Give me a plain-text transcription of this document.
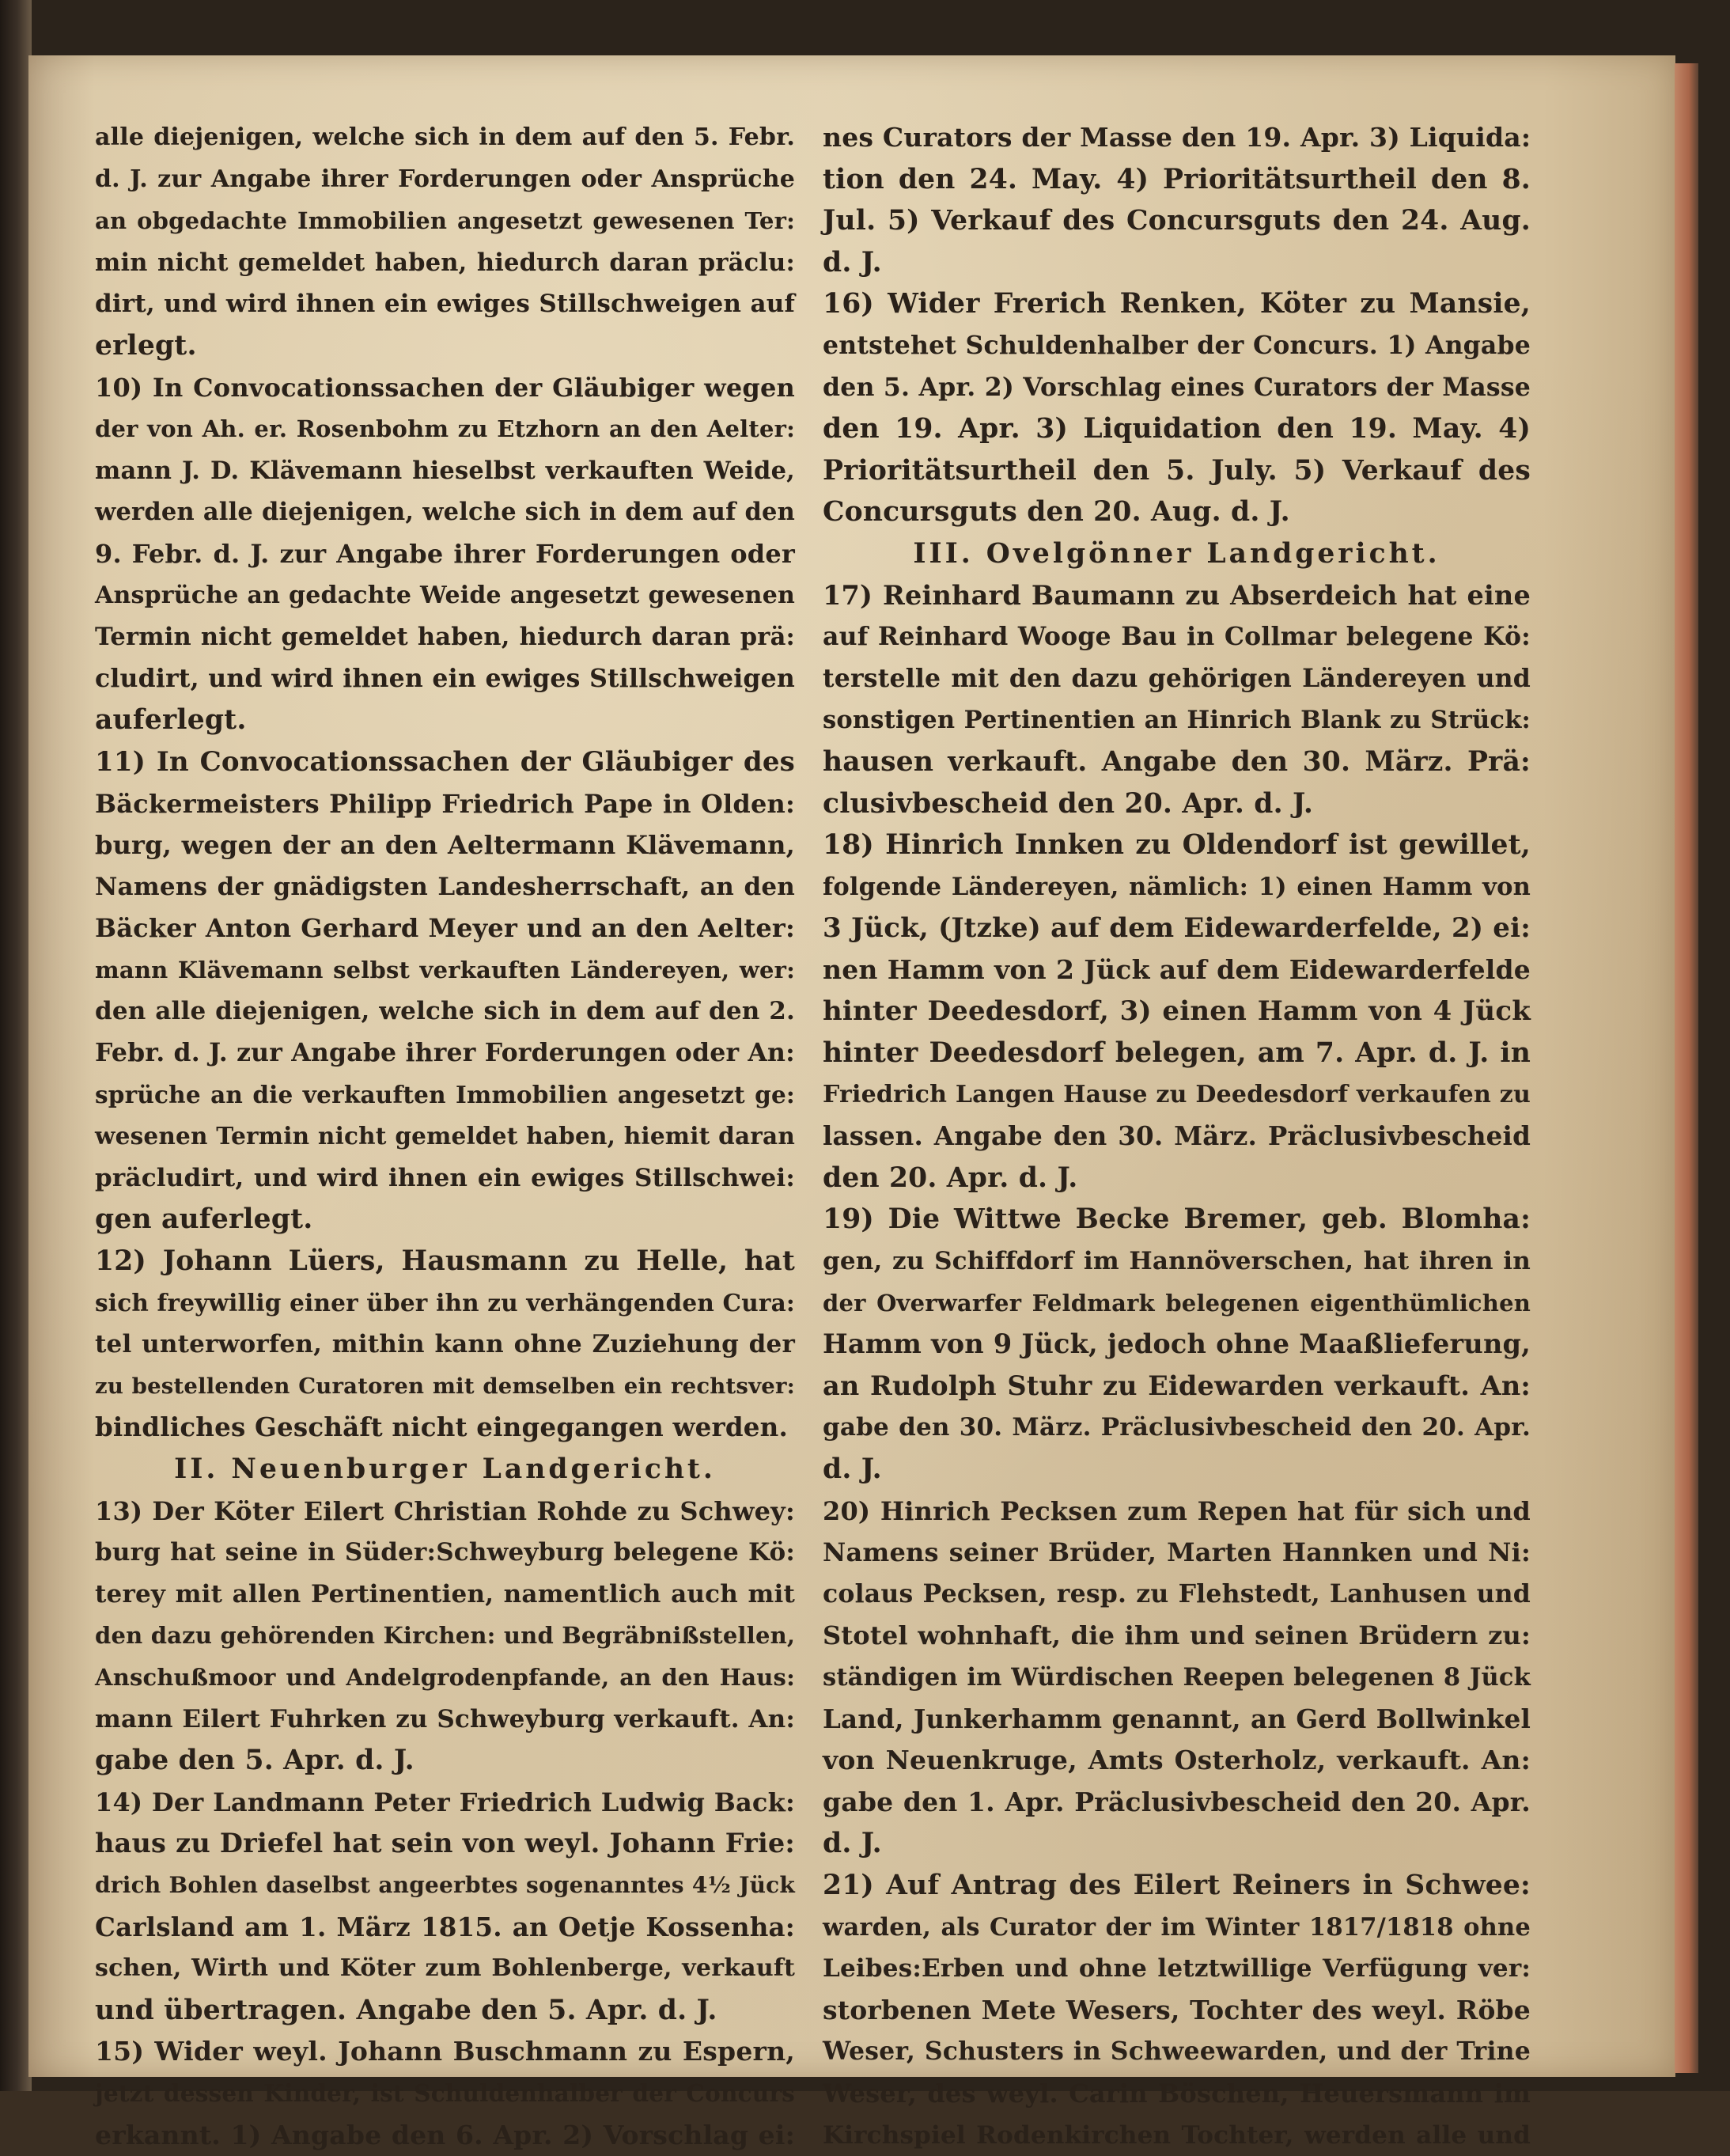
alle diejenigen, welche sich in dem auf den 5. Febr.
d. J. zur Angabe ihrer Forderungen oder Ansprüche
an obgedachte Immobilien angesetzt gewesenen Ter:
min nicht gemeldet haben, hiedurch daran präclu:
dirt, und wird ihnen ein ewiges Stillschweigen auf
erlegt.
10) In Convocationssachen der Gläubiger wegen
der von Ah. er. Rosenbohm zu Etzhorn an den Aelter:
mann J. D. Klävemann hieselbst verkauften Weide,
werden alle diejenigen, welche sich in dem auf den
9. Febr. d. J. zur Angabe ihrer Forderungen oder
Ansprüche an gedachte Weide angesetzt gewesenen
Termin nicht gemeldet haben, hiedurch daran prä:
cludirt, und wird ihnen ein ewiges Stillschweigen
auferlegt.
11) In Convocationssachen der Gläubiger des
Bäckermeisters Philipp Friedrich Pape in Olden:
burg, wegen der an den Aeltermann Klävemann,
Namens der gnädigsten Landesherrschaft, an den
Bäcker Anton Gerhard Meyer und an den Aelter:
mann Klävemann selbst verkauften Ländereyen, wer:
den alle diejenigen, welche sich in dem auf den 2.
Febr. d. J. zur Angabe ihrer Forderungen oder An:
sprüche an die verkauften Immobilien angesetzt ge:
wesenen Termin nicht gemeldet haben, hiemit daran
präcludirt, und wird ihnen ein ewiges Stillschwei:
gen auferlegt.
12) Johann Lüers, Hausmann zu Helle, hat
sich freywillig einer über ihn zu verhängenden Cura:
tel unterworfen, mithin kann ohne Zuziehung der
zu bestellenden Curatoren mit demselben ein rechtsver:
bindliches Geschäft nicht eingegangen werden.
II. Neuenburger Landgericht.
13) Der Köter Eilert Christian Rohde zu Schwey:
burg hat seine in Süder:Schweyburg belegene Kö:
terey mit allen Pertinentien, namentlich auch mit
den dazu gehörenden Kirchen: und Begräbnißstellen,
Anschußmoor und Andelgrodenpfande, an den Haus:
mann Eilert Fuhrken zu Schweyburg verkauft. An:
gabe den 5. Apr. d. J.
14) Der Landmann Peter Friedrich Ludwig Back:
haus zu Driefel hat sein von weyl. Johann Frie:
drich Bohlen daselbst angeerbtes sogenanntes 4½ Jück
Carlsland am 1. März 1815. an Oetje Kossenha:
schen, Wirth und Köter zum Bohlenberge, verkauft
und übertragen. Angabe den 5. Apr. d. J.
15) Wider weyl. Johann Buschmann zu Espern,
jetzt dessen Kinder, ist Schuldenhalber der Concurs
erkannt. 1) Angabe den 6. Apr. 2) Vorschlag ei:
nes Curators der Masse den 19. Apr. 3) Liquida:
tion den 24. May. 4) Prioritätsurtheil den 8.
Jul. 5) Verkauf des Concursguts den 24. Aug.
d. J.
16) Wider Frerich Renken, Köter zu Mansie,
entstehet Schuldenhalber der Concurs. 1) Angabe
den 5. Apr. 2) Vorschlag eines Curators der Masse
den 19. Apr. 3) Liquidation den 19. May. 4)
Prioritätsurtheil den 5. July. 5) Verkauf des
Concursguts den 20. Aug. d. J.
III. Ovelgönner Landgericht.
17) Reinhard Baumann zu Abserdeich hat eine
auf Reinhard Wooge Bau in Collmar belegene Kö:
terstelle mit den dazu gehörigen Ländereyen und
sonstigen Pertinentien an Hinrich Blank zu Strück:
hausen verkauft. Angabe den 30. März. Prä:
clusivbescheid den 20. Apr. d. J.
18) Hinrich Innken zu Oldendorf ist gewillet,
folgende Ländereyen, nämlich: 1) einen Hamm von
3 Jück, (Jtzke) auf dem Eidewarderfelde, 2) ei:
nen Hamm von 2 Jück auf dem Eidewarderfelde
hinter Deedesdorf, 3) einen Hamm von 4 Jück
hinter Deedesdorf belegen, am 7. Apr. d. J. in
Friedrich Langen Hause zu Deedesdorf verkaufen zu
lassen. Angabe den 30. März. Präclusivbescheid
den 20. Apr. d. J.
19) Die Wittwe Becke Bremer, geb. Blomha:
gen, zu Schiffdorf im Hannöverschen, hat ihren in
der Overwarfer Feldmark belegenen eigenthümlichen
Hamm von 9 Jück, jedoch ohne Maaßlieferung,
an Rudolph Stuhr zu Eidewarden verkauft. An:
gabe den 30. März. Präclusivbescheid den 20. Apr.
d. J.
20) Hinrich Pecksen zum Repen hat für sich und
Namens seiner Brüder, Marten Hannken und Ni:
colaus Pecksen, resp. zu Flehstedt, Lanhusen und
Stotel wohnhaft, die ihm und seinen Brüdern zu:
ständigen im Würdischen Reepen belegenen 8 Jück
Land, Junkerhamm genannt, an Gerd Bollwinkel
von Neuenkruge, Amts Osterholz, verkauft. An:
gabe den 1. Apr. Präclusivbescheid den 20. Apr.
d. J.
21) Auf Antrag des Eilert Reiners in Schwee:
warden, als Curator der im Winter 1817/1818 ohne
Leibes:Erben und ohne letztwillige Verfügung ver:
storbenen Mete Wesers, Tochter des weyl. Röbe
Weser, Schusters in Schweewarden, und der Trine
Weser, des weyl. Carin Böschen, Heuersmann im
Kirchspiel Rodenkirchen Tochter, werden alle und
